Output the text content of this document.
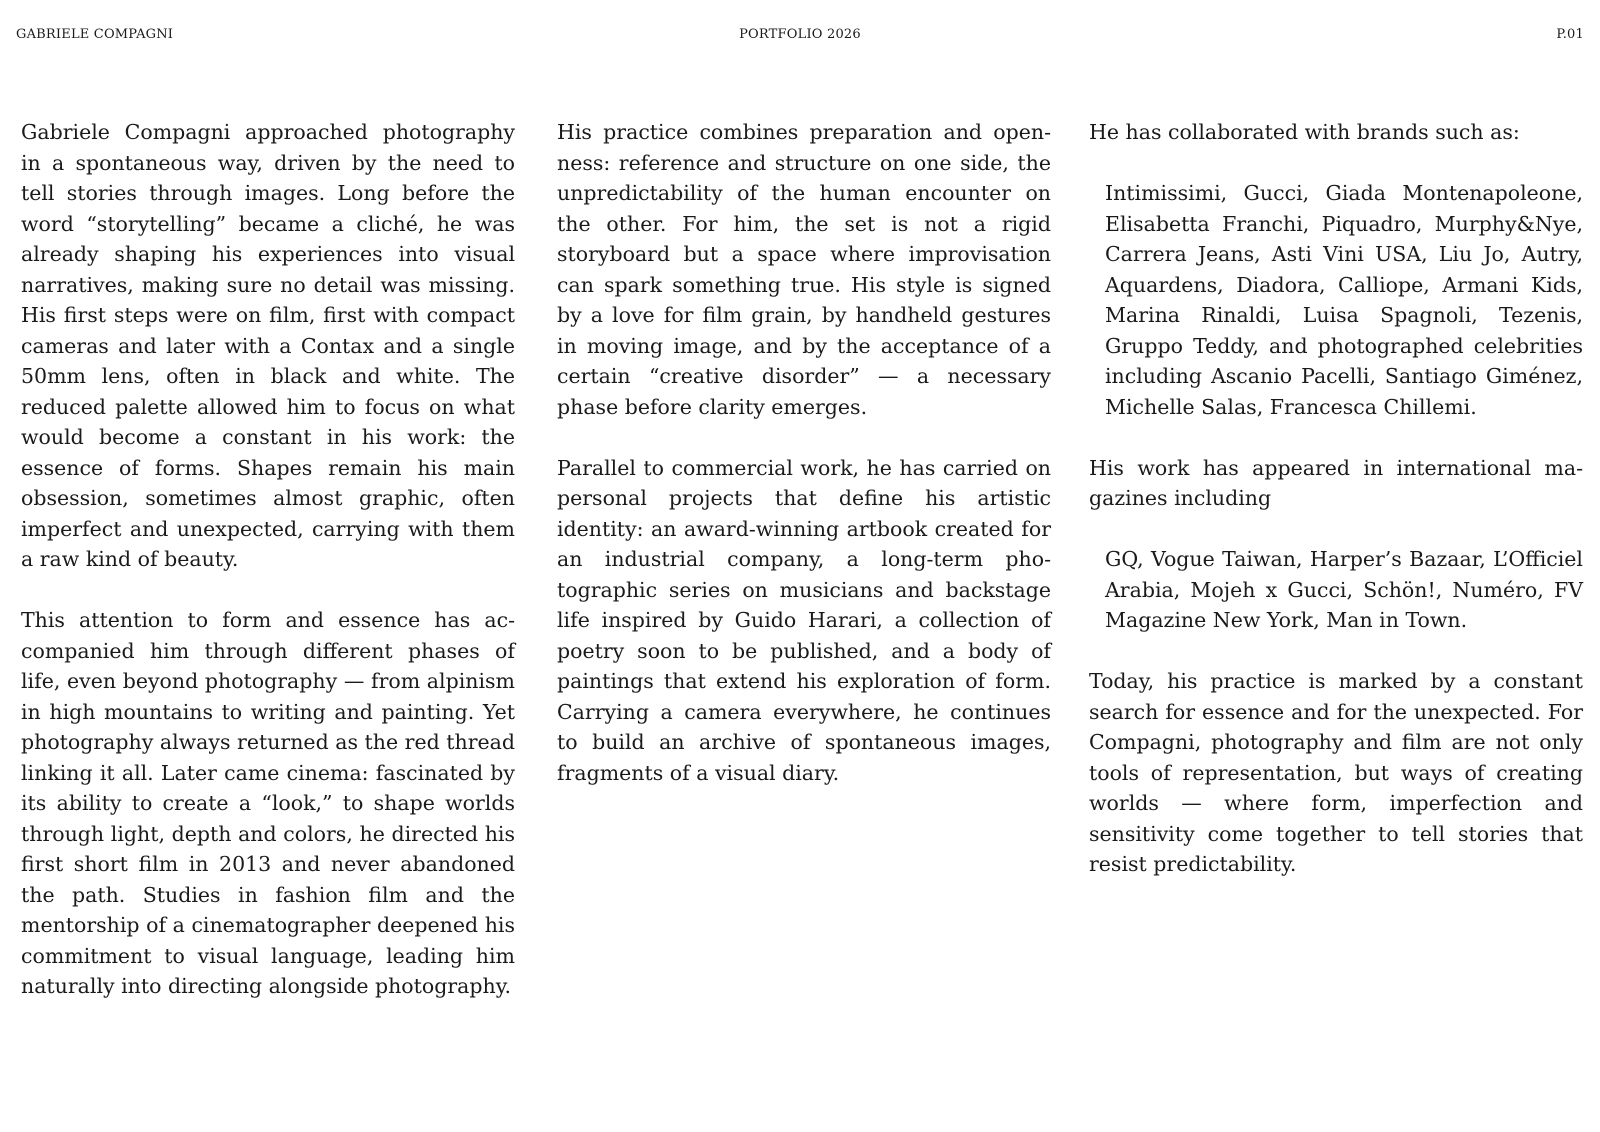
GABRIELE COMPAGNI	PORTFOLIO 2026	P.01

Gabriele Compagni approached photography in a spontaneous way, driven by the need to tell stories through images. Long before the word “storytelling” became a cliché, he was already shaping his experiences into visual narratives, making sure no detail was missing. His first steps were on film, first with compact cameras and later with a Contax and a single 50mm lens, often in black and white. The reduced palette allowed him to focus on what would become a constant in his work: the essence of forms. Shapes remain his main obsession, sometimes almost graphic, often imperfect and unexpected, carrying with them a raw kind of beauty.

This attention to form and essence has accompanied him through different phases of life, even beyond photography — from alpinism in high mountains to writing and painting. Yet photography always returned as the red thread linking it all. Later came cinema: fascinated by its ability to create a “look,” to shape worlds through light, depth and colors, he directed his first short film in 2013 and never abandoned the path. Studies in fashion film and the mentorship of a cinematographer deepened his commitment to visual language, leading him naturally into directing alongside photography.

His practice combines preparation and openness: reference and structure on one side, the unpredictability of the human encounter on the other. For him, the set is not a rigid storyboard but a space where improvisation can spark something true. His style is signed by a love for film grain, by handheld gestures in moving image, and by the acceptance of a certain “creative disorder” — a necessary phase before clarity emerges.

Parallel to commercial work, he has carried on personal projects that define his artistic identity: an award-winning artbook created for an industrial company, a long-term photographic series on musicians and backstage life inspired by Guido Harari, a collection of poetry soon to be published, and a body of paintings that extend his exploration of form. Carrying a camera everywhere, he continues to build an archive of spontaneous images, fragments of a visual diary.

He has collaborated with brands such as:

Intimissimi, Gucci, Giada Montenapoleone, Elisabetta Franchi, Piquadro, Murphy&Nye, Carrera Jeans, Asti Vini USA, Liu Jo, Autry, Aquardens, Diadora, Calliope, Armani Kids, Marina Rinaldi, Luisa Spagnoli, Tezenis, Gruppo Teddy, and photographed celebrities including Ascanio Pacelli, Santiago Giménez, Michelle Salas, Francesca Chillemi.

His work has appeared in international magazines including

GQ, Vogue Taiwan, Harper’s Bazaar, L’Officiel Arabia, Mojeh x Gucci, Schön!, Numéro, FV Magazine New York, Man in Town.

Today, his practice is marked by a constant search for essence and for the unexpected. For Compagni, photography and film are not only tools of representation, but ways of creating worlds — where form, imperfection and sensitivity come together to tell stories that resist predictability.
